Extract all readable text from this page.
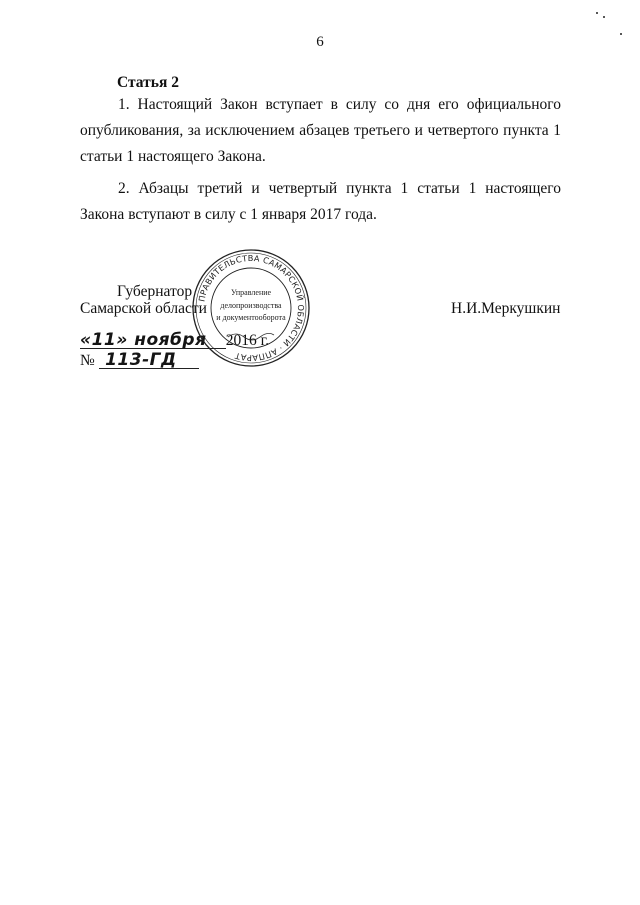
6
Статья 2

1. Настоящий Закон вступает в силу со дня его официального опубликования, за исключением абзацев третьего и четвертого пункта 1 статьи 1 настоящего Закона.

2. Абзацы третий и четвертый пункта 1 статьи 1 настоящего Закона вступают в силу с 1 января 2017 года.

Губернатор
Самарской области	Н.И.Меркушкин
«11» ноября 2016 г.
№ 113-ГД
ПРАВИТЕЛЬСТВА САМАРСКОЙ ОБЛАСТИ · АППАРАТ
Управление
делопроизводства
и документооборота
